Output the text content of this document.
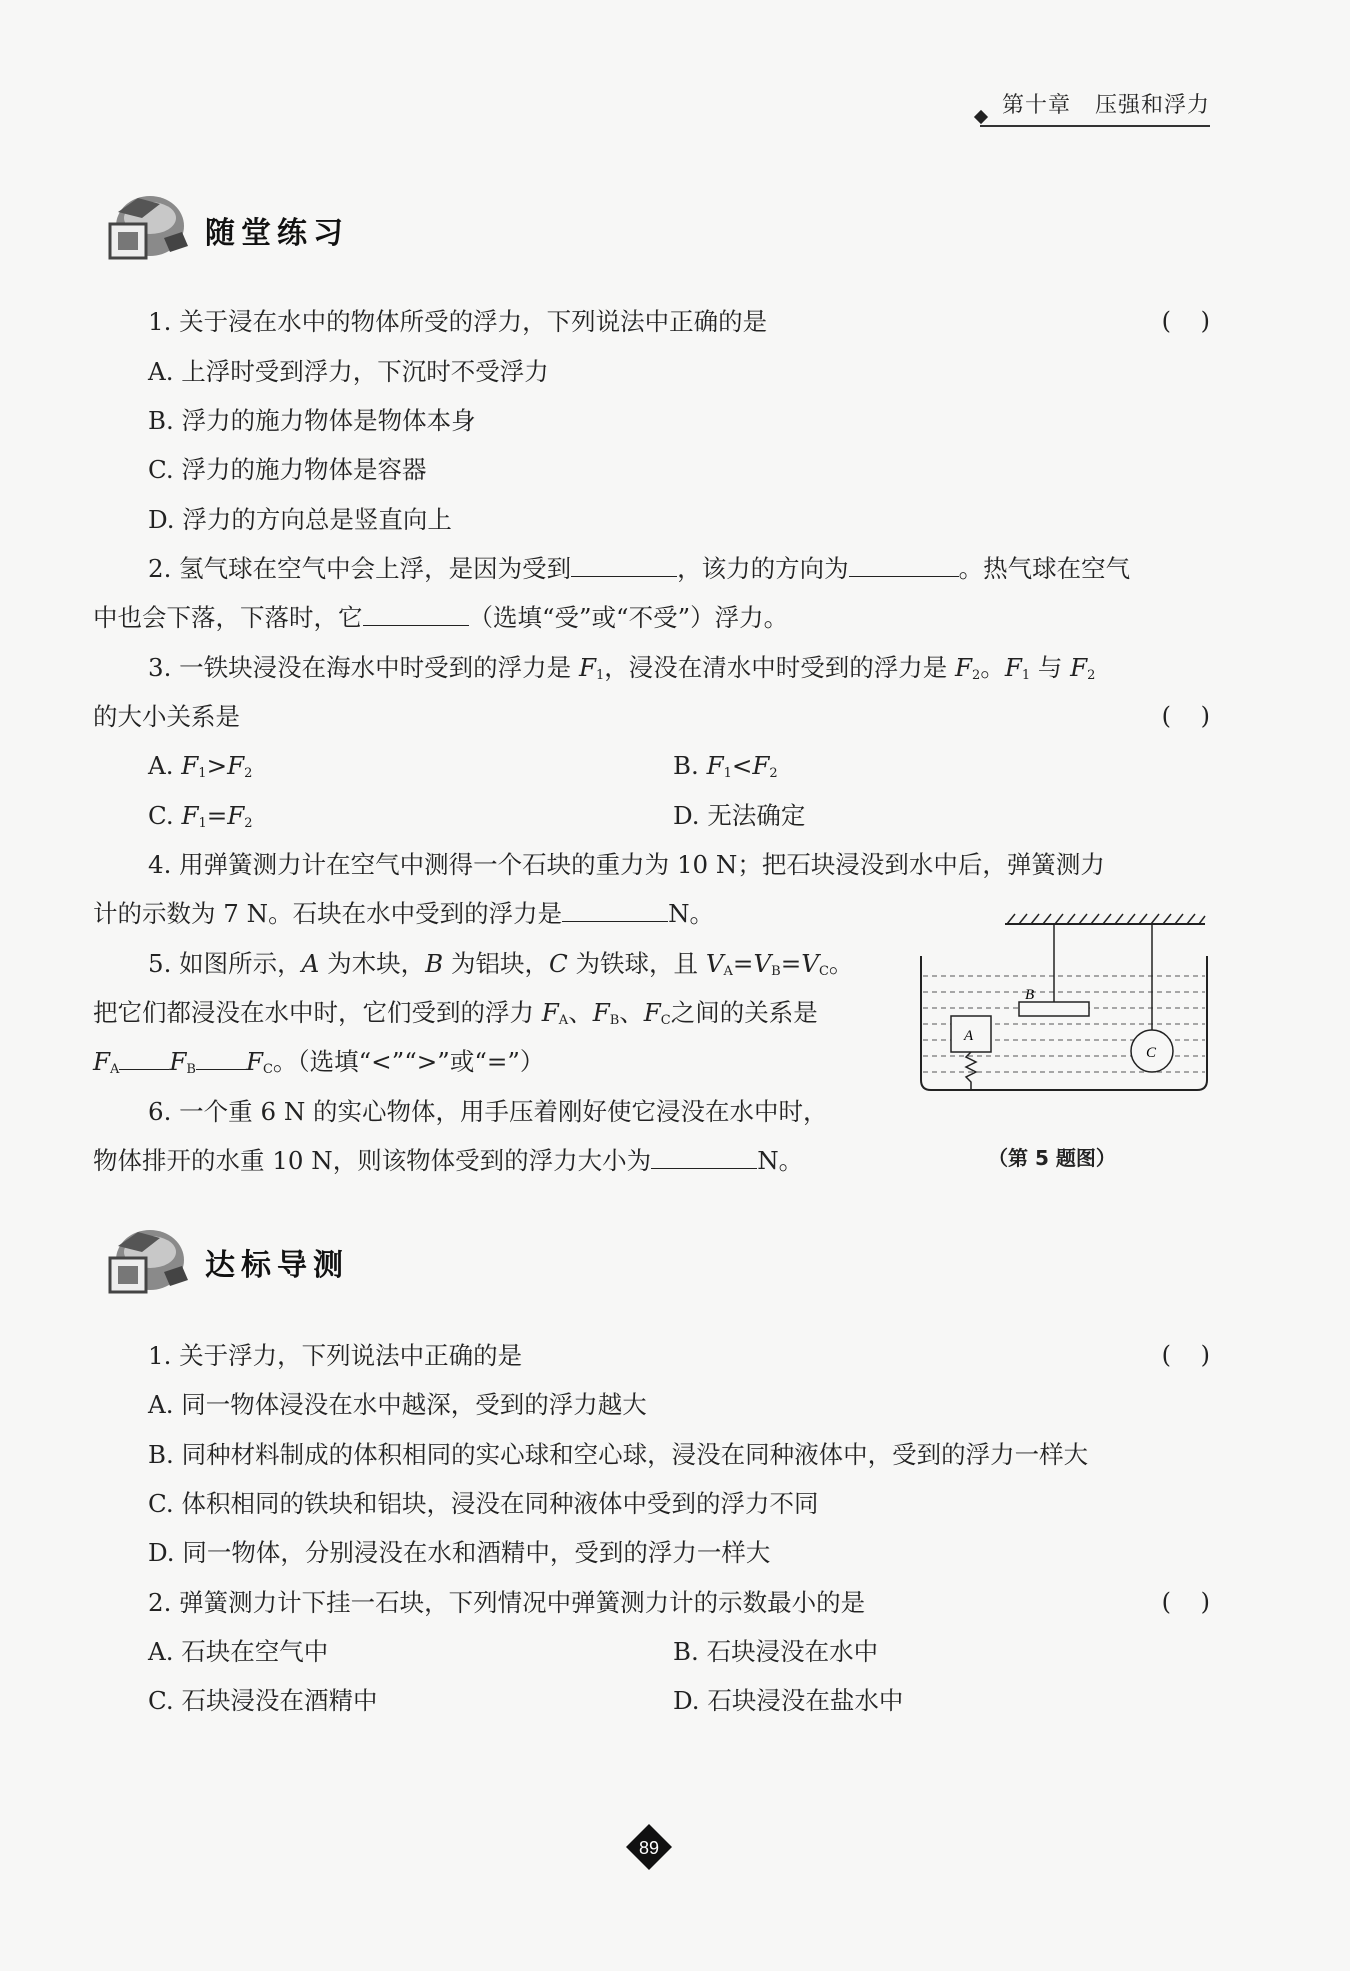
第十章 压强和浮力
随堂练习
1. 关于浸在水中的物体所受的浮力，下列说法中正确的是	( )
A. 上浮时受到浮力，下沉时不受浮力
B. 浮力的施力物体是物体本身
C. 浮力的施力物体是容器
D. 浮力的方向总是竖直向上
2. 氢气球在空气中会上浮，是因为受到	，该力的方向为	。热气球在空气
中也会下落，下落时，它	（选填“受”或“不受”）浮力。
3. 一铁块浸没在海水中时受到的浮力是 $F_1$，浸没在清水中时受到的浮力是 $F_2$。$F_1$ 与 $F_2$
的大小关系是	( )
A. $F_1>F_2$	B. $F_1<F_2$
C. $F_1=F_2$	D. 无法确定
4. 用弹簧测力计在空气中测得一个石块的重力为 10 N；把石块浸没到水中后，弹簧测力
计的示数为 7 N。石块在水中受到的浮力是	N。
5. 如图所示，A 为木块，B 为铝块，C 为铁球，且 $V_A=V_B=V_C$。
把它们都浸没在水中时，它们受到的浮力 $F_A$、$F_B$、$F_C$之间的关系是
$F_A$ $F_B$ $F_C$。（选填“<”“>”或“=”）
6. 一个重 6 N 的实心物体，用手压着刚好使它浸没在水中时，
物体排开的水重 10 N，则该物体受到的浮力大小为	N。
A
B
C
（第 5 题图）
达标导测
1. 关于浮力，下列说法中正确的是	( )
A. 同一物体浸没在水中越深，受到的浮力越大
B. 同种材料制成的体积相同的实心球和空心球，浸没在同种液体中，受到的浮力一样大
C. 体积相同的铁块和铝块，浸没在同种液体中受到的浮力不同
D. 同一物体，分别浸没在水和酒精中，受到的浮力一样大
2. 弹簧测力计下挂一石块，下列情况中弹簧测力计的示数最小的是	( )
A. 石块在空气中	B. 石块浸没在水中
C. 石块浸没在酒精中	D. 石块浸没在盐水中
89
